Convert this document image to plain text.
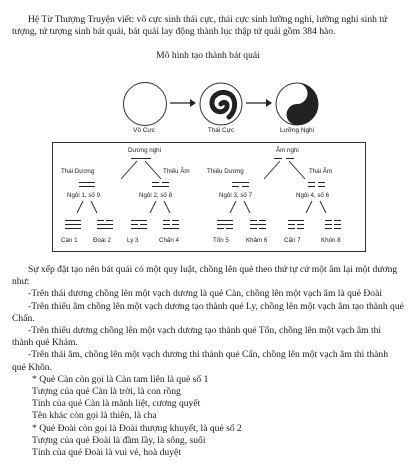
Hệ Từ Thượng Truyện viết: vô cực sinh thái cực, thái cực sinh lưỡng nghi, lưỡng nghi sinh tứ tượng, tứ tượng sinh bát quái, bát quái lay động thành lục thập tứ quái gồm 384 hào.
Mô hình tạo thành bát quái
Vô Cực	Thái Cực	Lưỡng Nghi
Dương nghi	Âm nghi
Thái Dương	Thiếu Âm	Thiếu Dương	Thái Âm
Ngôi 1, số 9	Ngôi 2, số 8	Ngôi 3, số 7	Ngôi 4, số 6
Càn 1 Đoài 2	Ly 3	Chấn 4	Tốn 5	Khảm 6	Cấn 7	Khôn 8
Sự xếp đặt tạo nên bát quái có một quy luật, chồng lên quẻ theo thứ tự cứ một âm lại một dương như:
-Trên thái dương chồng lên một vạch dương là quẻ Càn, chồng lên một vạch âm là quẻ Đoài
-Trên thiếu âm chồng lên một vạch dương tạo thành quẻ Ly, chồng lên một vạch âm tạo thành quẻ Chấn.
-Trên thiếu dương chồng lên một vạch dương tạo thành quẻ Tốn, chồng lên một vạch âm thì thành quẻ Khảm.
-Trên thái âm, chồng lên một vạch dương thì thành quẻ Cấn, chồng lên một vạch âm thì thành quẻ Khôn.
* Quẻ Càn còn gọi là Càn tam liên là quẻ số 1
Tượng của quẻ Càn là trời, là con rồng
Tính của quẻ Càn là mãnh liệt, cương quyết
Tên khác còn gọi là thiên, là cha
* Quẻ Đoài còn gọi là Đoài thượng khuyết, là quẻ số 2
Tượng của quẻ Đoài là đầm lầy, là sông, suối
Tính của quẻ Đoài là vui vẻ, hoà duyệt
